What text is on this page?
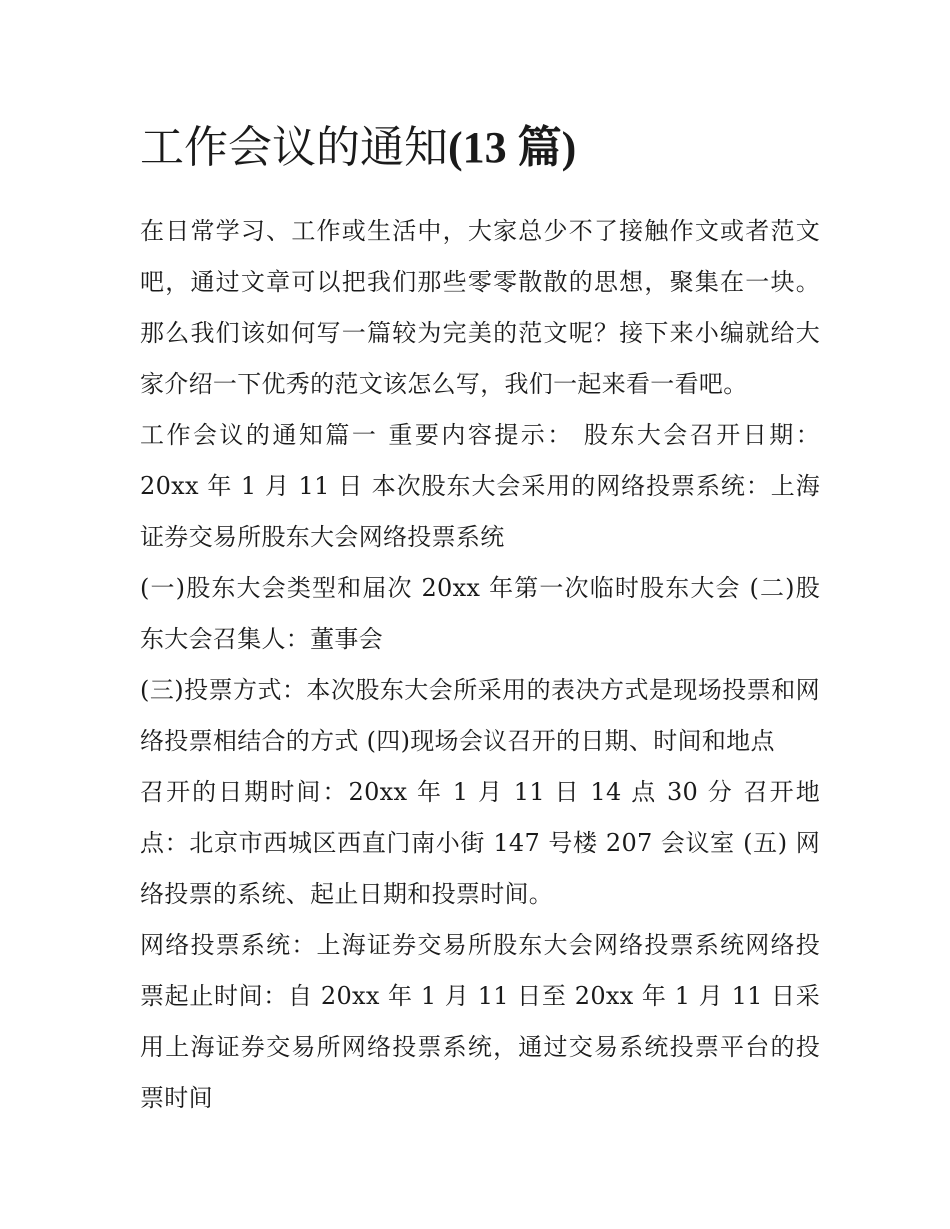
工作会议的通知(13 篇)

在日常学习、工作或生活中，大家总少不了接触作文或者范文吧，通过文章可以把我们那些零零散散的思想，聚集在一块。那么我们该如何写一篇较为完美的范文呢？接下来小编就给大家介绍一下优秀的范文该怎么写，我们一起来看一看吧。

工作会议的通知篇一 重要内容提示： 股东大会召开日期：20xx 年 1 月 11 日 本次股东大会采用的网络投票系统：上海证券交易所股东大会网络投票系统

(一)股东大会类型和届次 20xx 年第一次临时股东大会 (二)股东大会召集人：董事会

(三)投票方式：本次股东大会所采用的表决方式是现场投票和网络投票相结合的方式 (四)现场会议召开的日期、时间和地点

召开的日期时间：20xx 年 1 月 11 日 14 点 30 分 召开地点：北京市西城区西直门南小街 147 号楼 207 会议室 (五) 网络投票的系统、起止日期和投票时间。

网络投票系统：上海证券交易所股东大会网络投票系统网络投票起止时间：自 20xx 年 1 月 11 日至 20xx 年 1 月 11 日采用上海证券交易所网络投票系统，通过交易系统投票平台的投票时间
